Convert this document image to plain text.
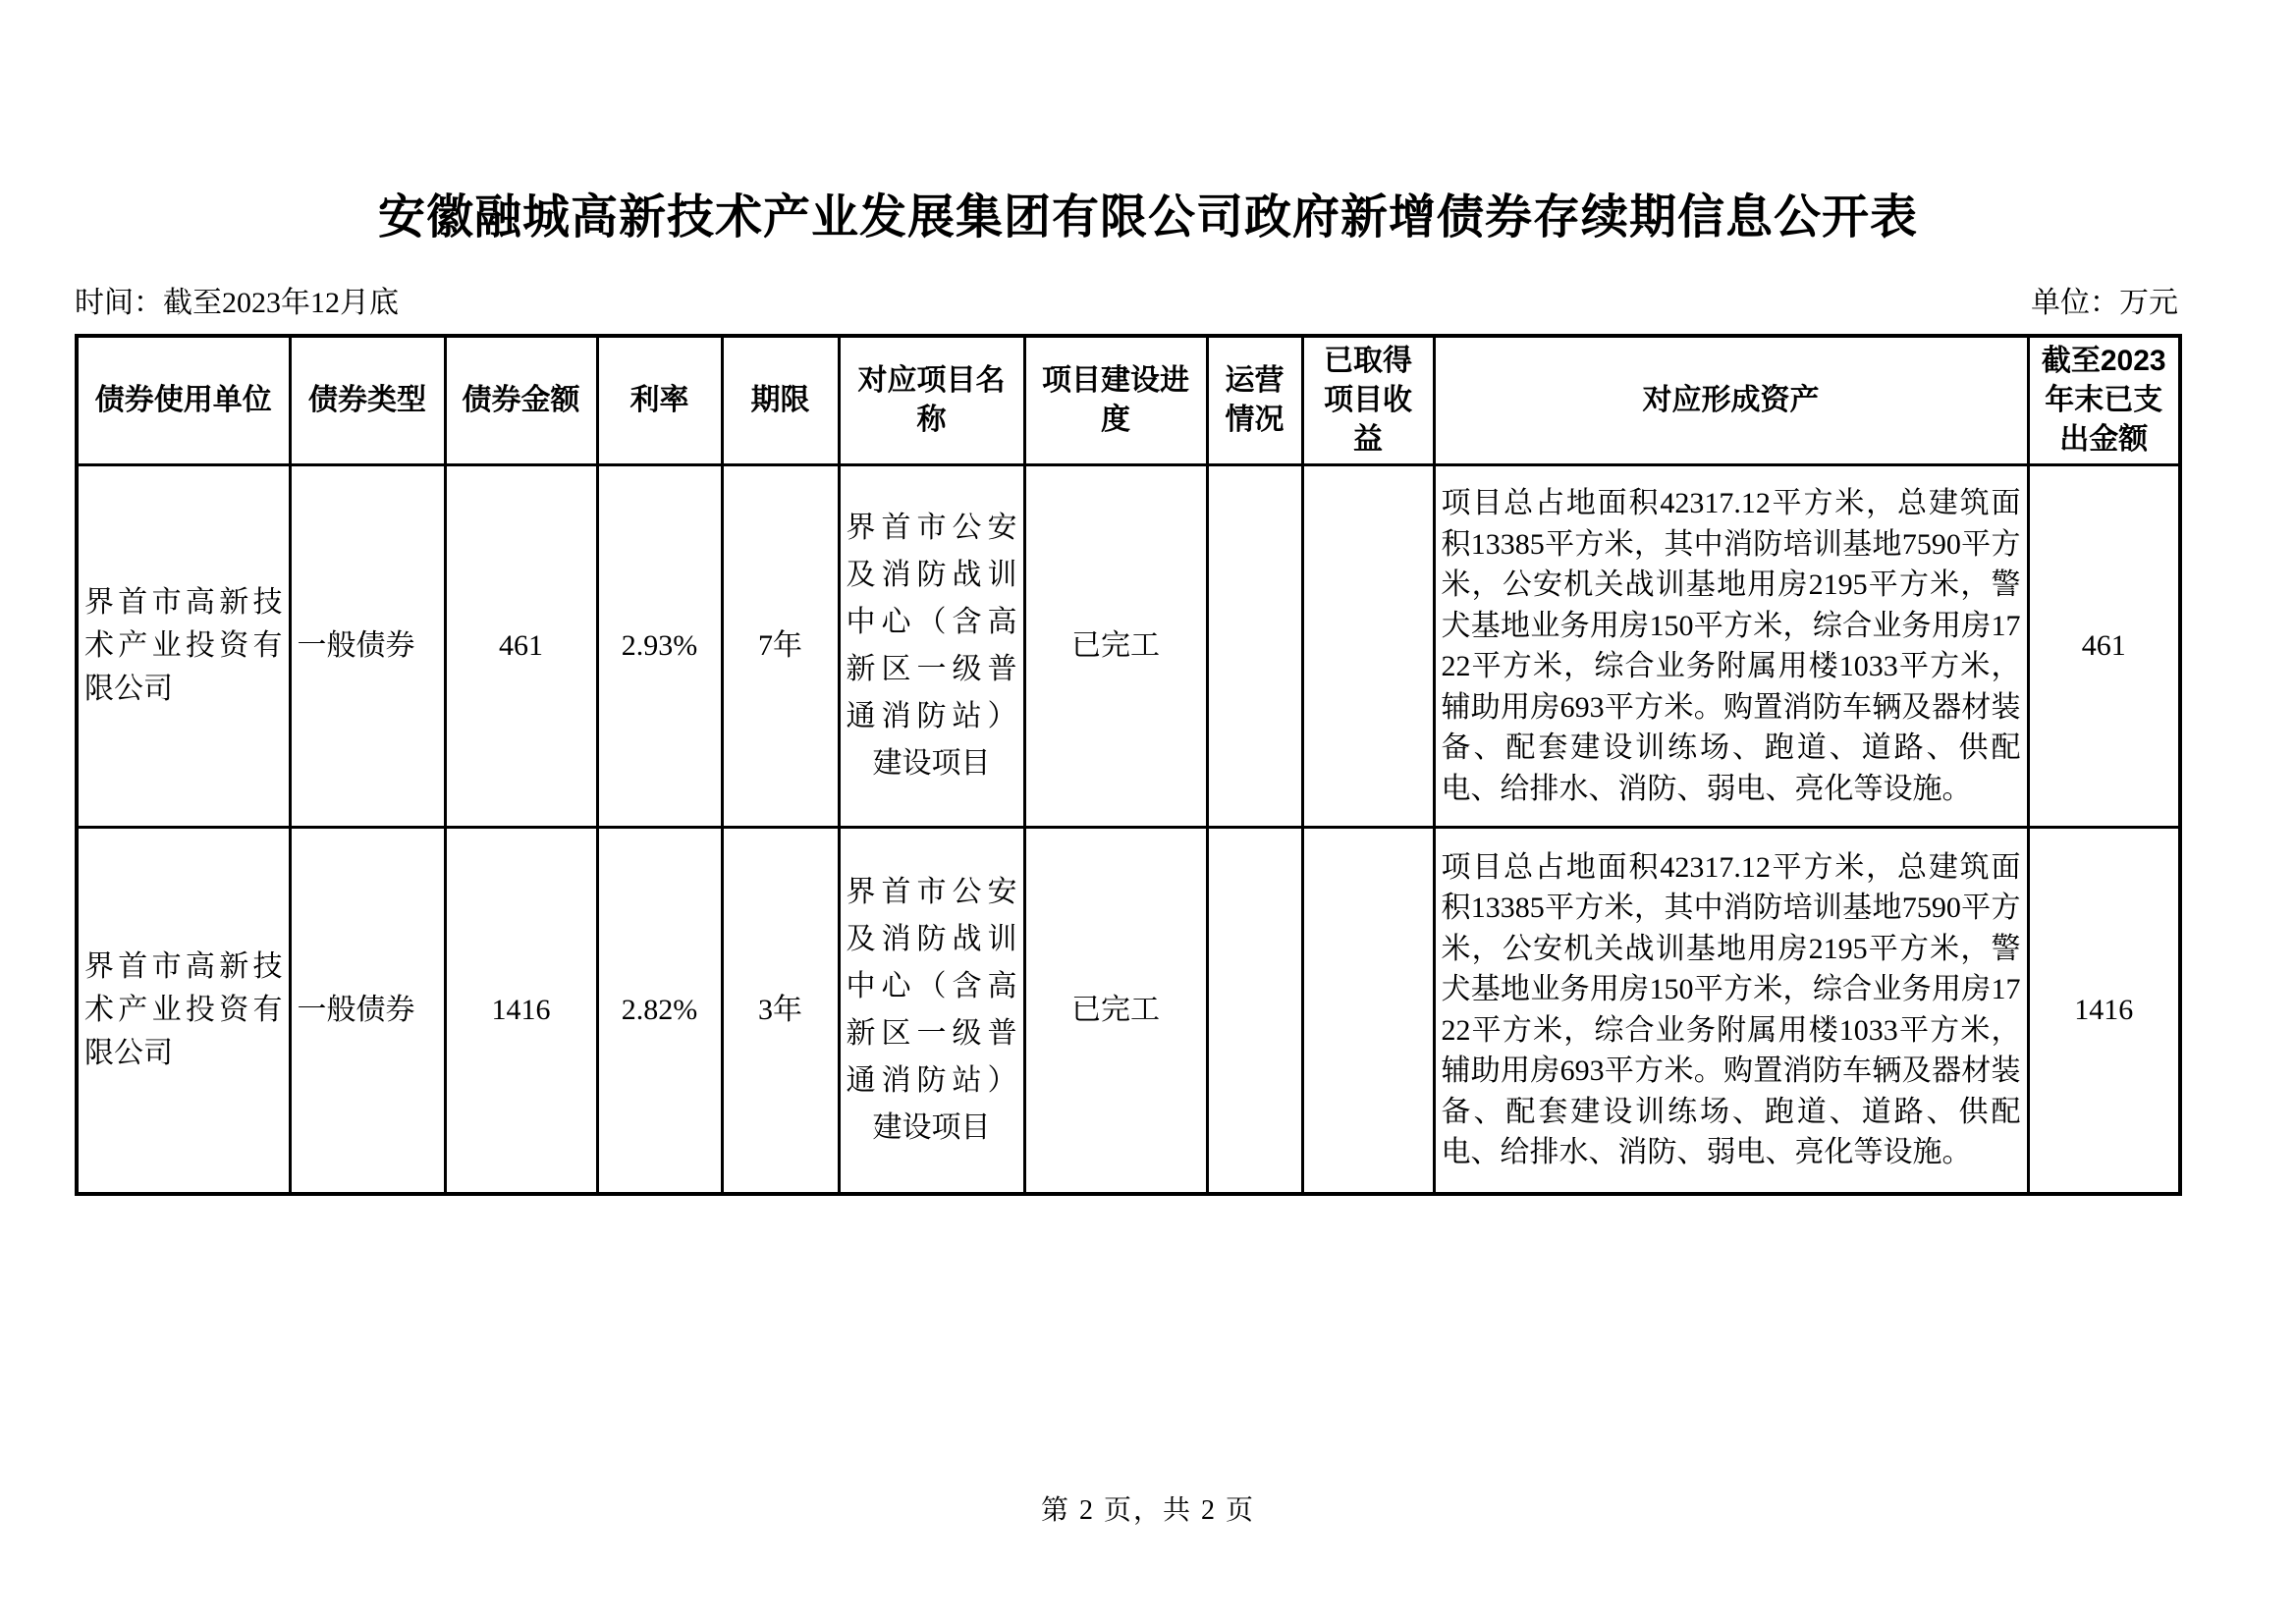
安徽融城高新技术产业发展集团有限公司政府新增债券存续期信息公开表
时间：截至2023年12月底	单位：万元
债券使用单位	债券类型	债券金额	利率	期限	对应项目名称	项目建设进度	运营情况	已取得项目收益	对应形成资产	截至2023年末已支出金额
界首市高新技术产业投资有限公司	一般债券	461	2.93%	7年	界首市公安及消防战训中心（含高新区一级普通消防站）建设项目	已完工			项目总占地面积42317.12平方米，总建筑面积13385平方米，其中消防培训基地7590平方米，公安机关战训基地用房2195平方米，警犬基地业务用房150平方米，综合业务用房1722平方米，综合业务附属用楼1033平方米，辅助用房693平方米。购置消防车辆及器材装备、配套建设训练场、跑道、道路、供配电、给排水、消防、弱电、亮化等设施。	461
界首市高新技术产业投资有限公司	一般债券	1416	2.82%	3年	界首市公安及消防战训中心（含高新区一级普通消防站）建设项目	已完工			项目总占地面积42317.12平方米，总建筑面积13385平方米，其中消防培训基地7590平方米，公安机关战训基地用房2195平方米，警犬基地业务用房150平方米，综合业务用房1722平方米，综合业务附属用楼1033平方米，辅助用房693平方米。购置消防车辆及器材装备、配套建设训练场、跑道、道路、供配电、给排水、消防、弱电、亮化等设施。	1416
第 2 页，共 2 页
